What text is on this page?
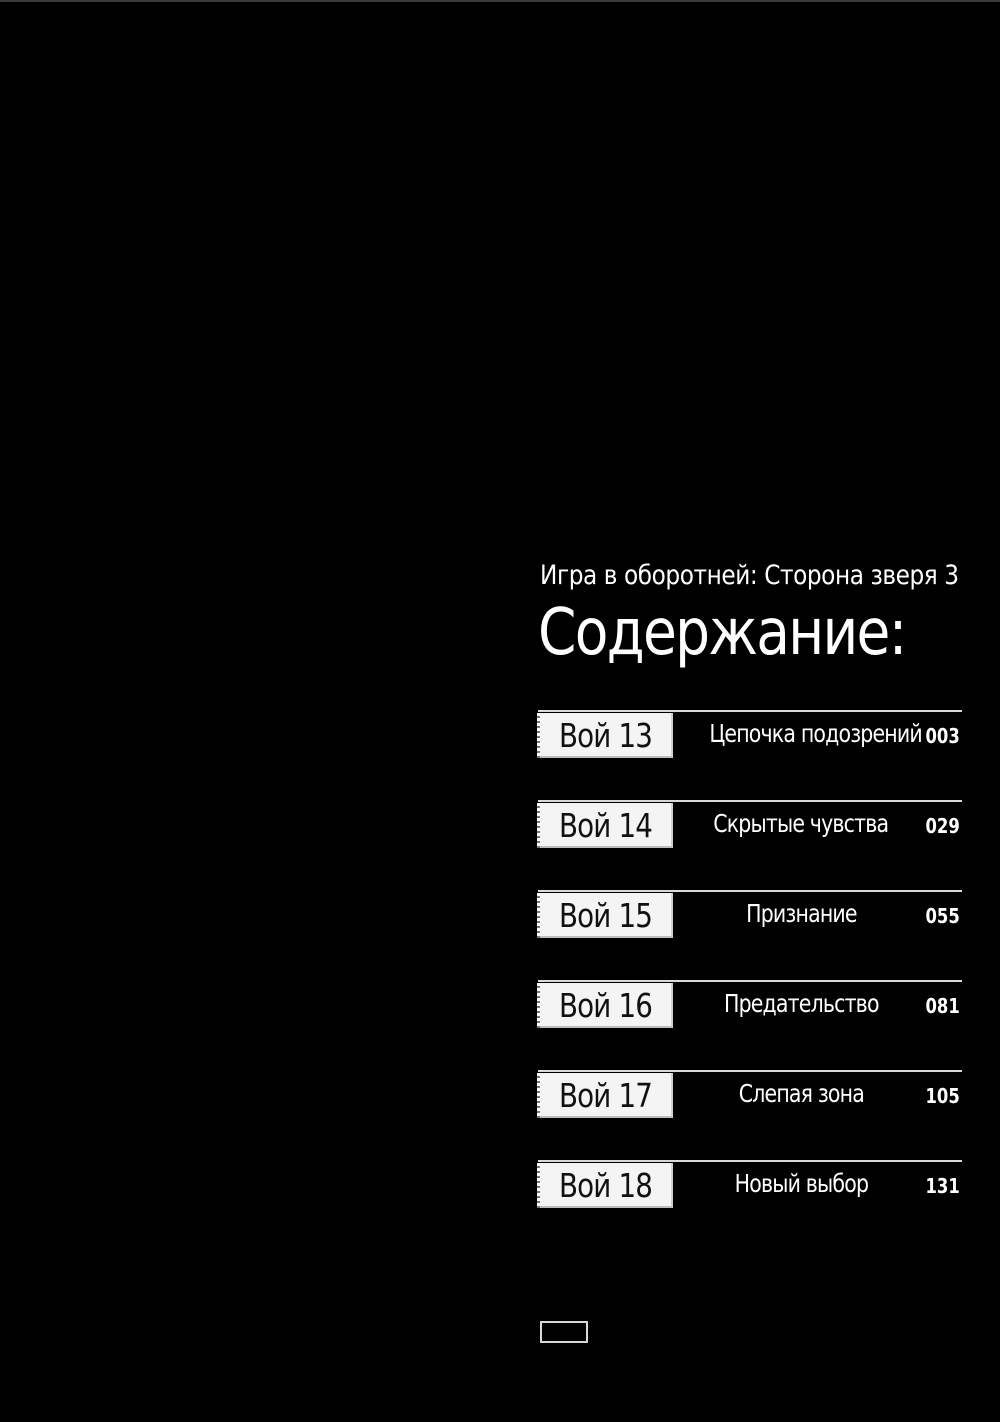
Игра в оборотней: Сторона зверя 3
Содержание:
Вой 13	Цепочка подозрений 003
Вой 14	Скрытые чувства	029
Вой 15	Признание	055
Вой 16	Предательство	081
Вой 17	Слепая зона	105
Вой 18	Новый выбор	131
